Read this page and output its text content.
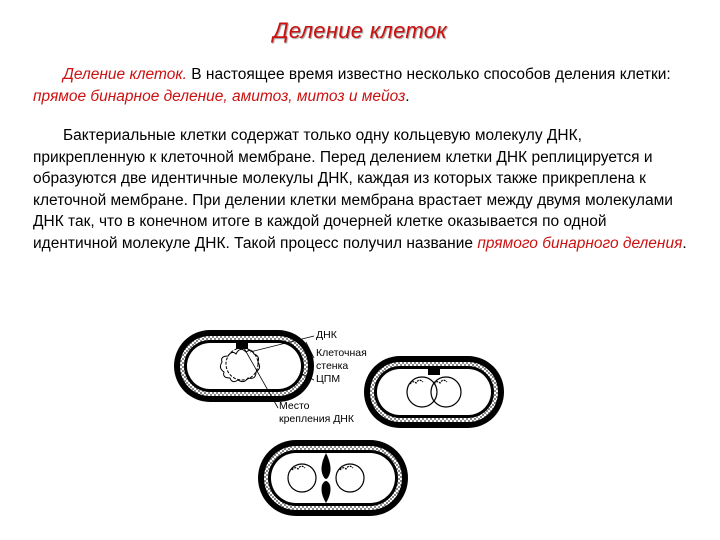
Деление клеток

Деление клеток. В настоящее время известно несколько способов деления клетки: прямое бинарное деление, амитоз, митоз и мейоз.

Бактериальные клетки содержат только одну кольцевую молекулу ДНК, прикрепленную к клеточной мембране. Перед делением клетки ДНК реплицируется и образуются две идентичные молекулы ДНК, каждая из которых также прикреплена к клеточной мембране. При делении клетки мембрана врастает между двумя молекулами ДНК так, что в конечном итоге в каждой дочерней клетке оказывается по одной идентичной молекуле ДНК. Такой процесс получил название прямого бинарного деления.

ДНК
Клеточная
стенка
ЦПМ
Место
крепления ДНК
